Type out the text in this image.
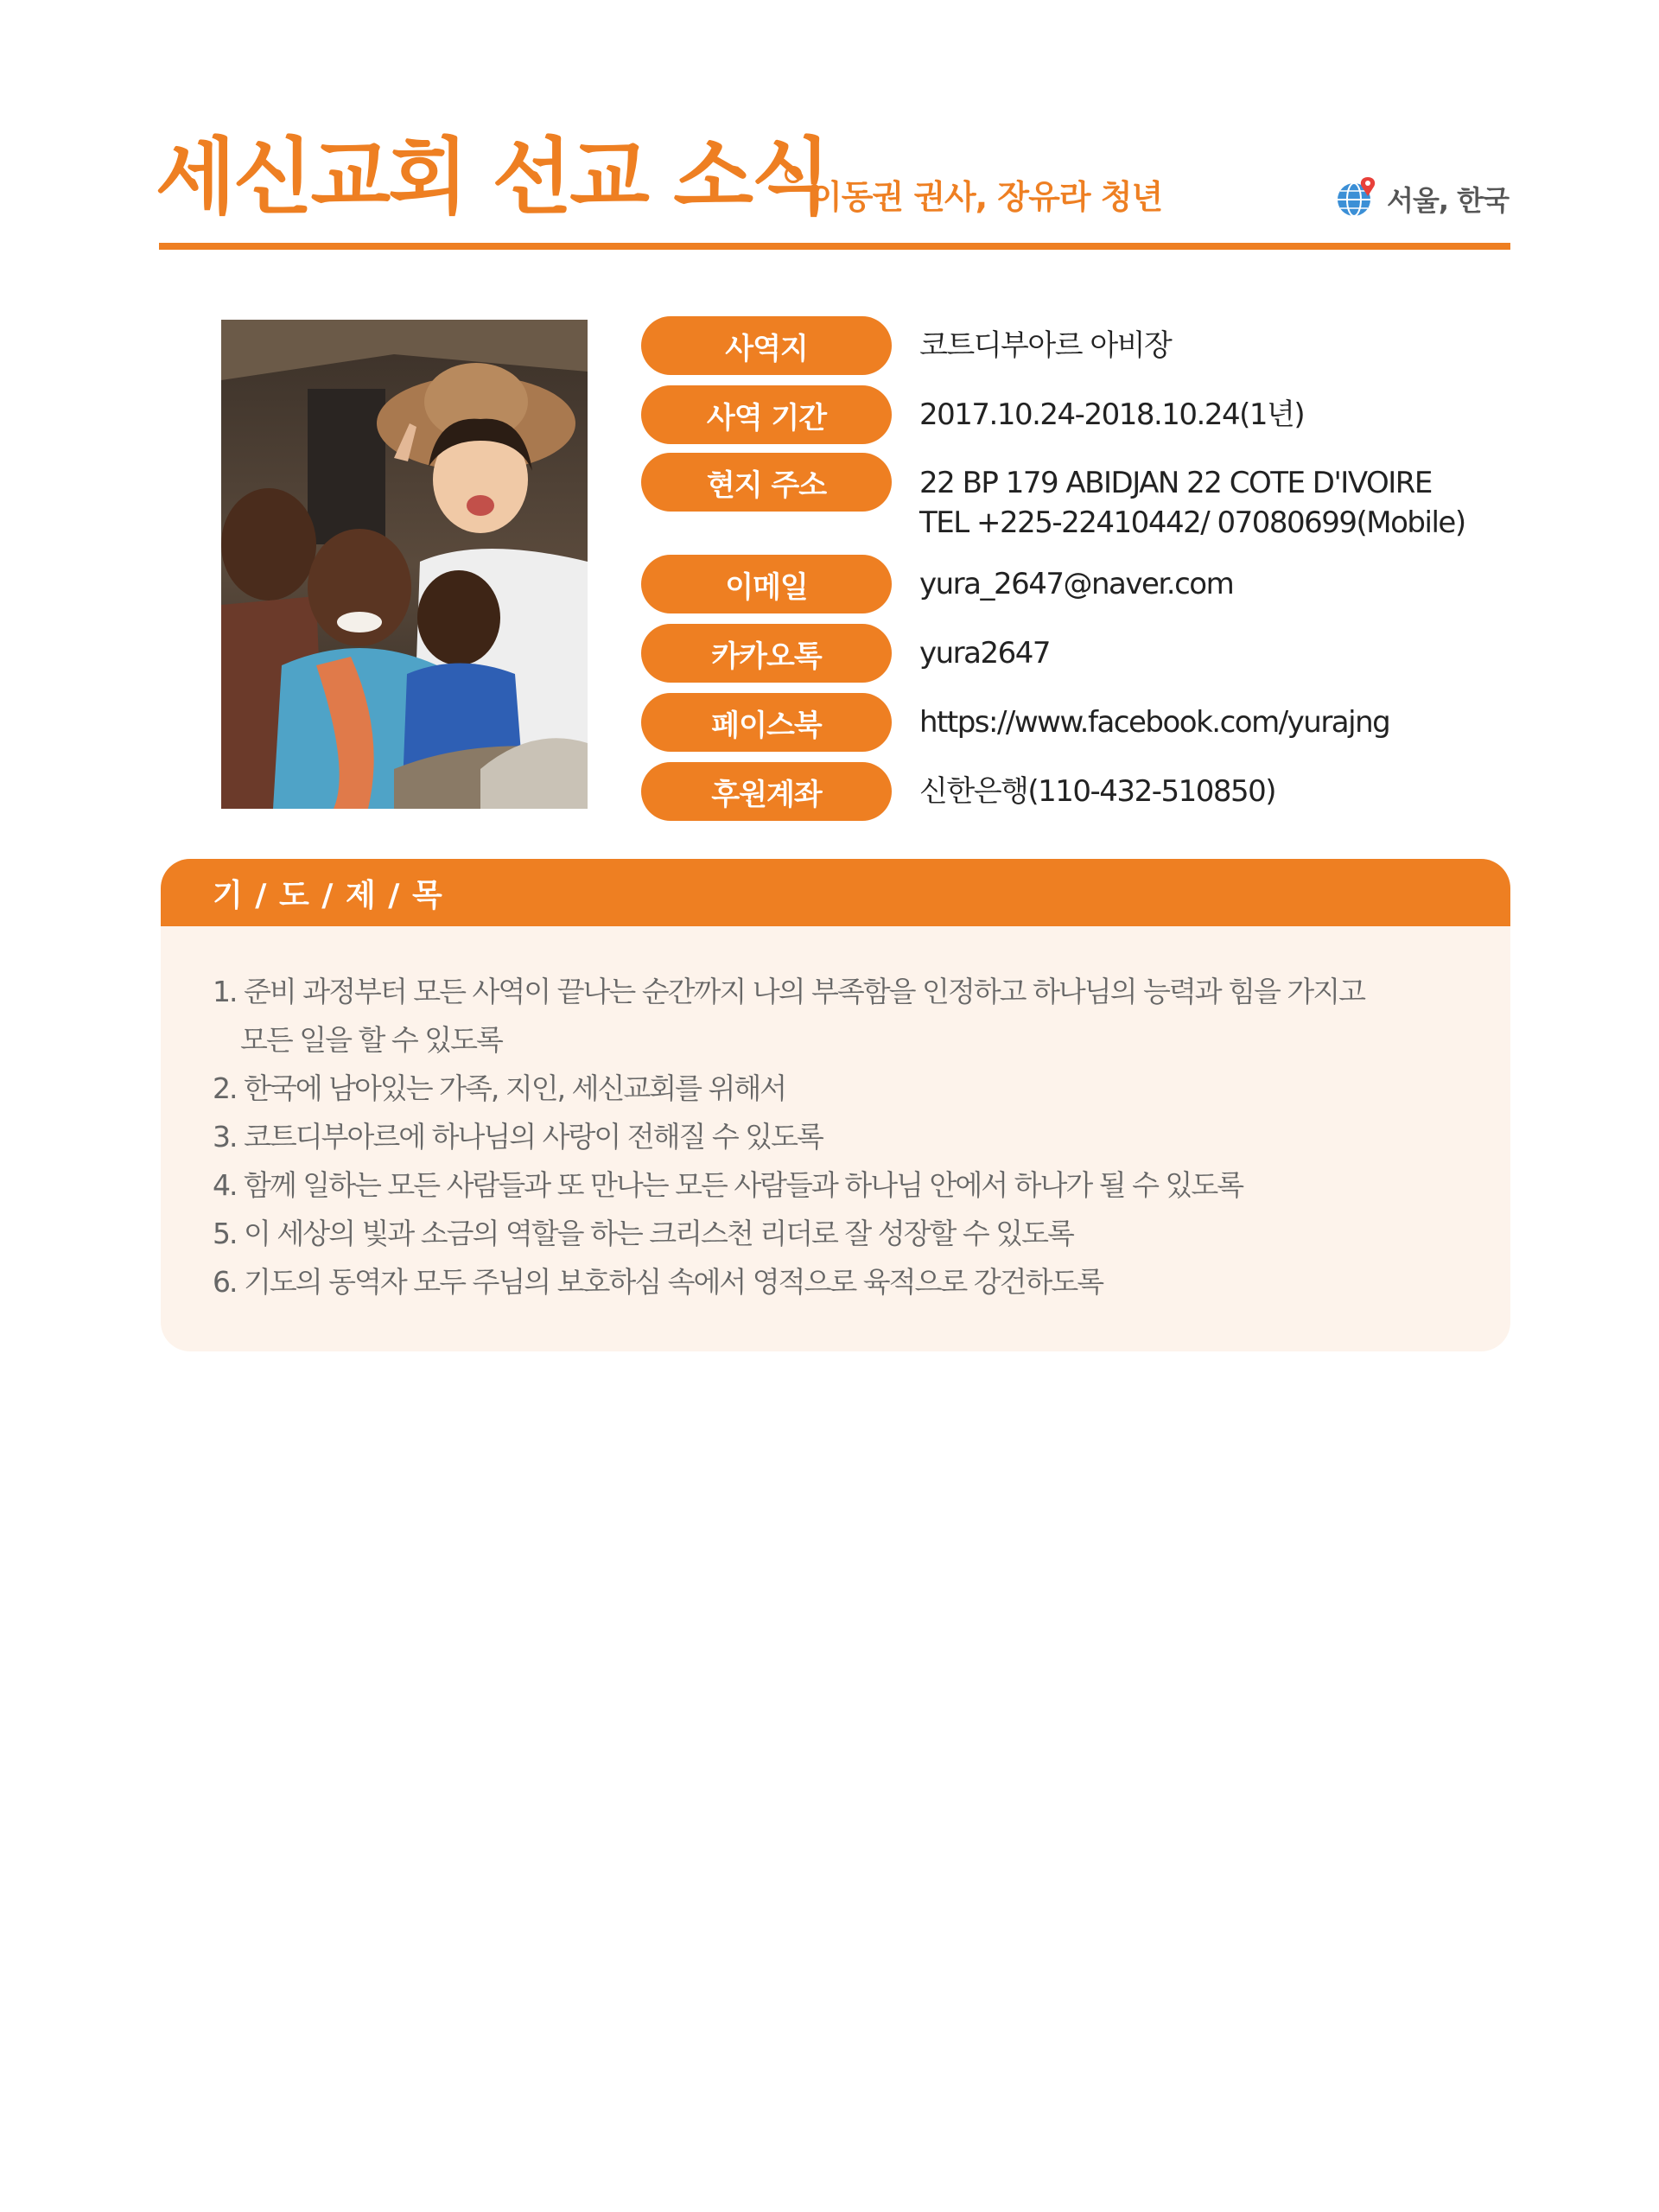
세신교회 선교 소식
이동권 권사, 장유라 청년	서울, 한국
사역지	코트디부아르 아비장
사역 기간	2017.10.24-2018.10.24(1년)
현지 주소	22 BP 179 ABIDJAN 22 COTE D'IVOIRE
TEL +225-22410442/ 07080699(Mobile)
이메일	yura_2647@naver.com
카카오톡	yura2647
페이스북	https://www.facebook.com/yurajng
후원계좌	신한은행(110-432-510850)
기 / 도 / 제 / 목
1. 준비 과정부터 모든 사역이 끝나는 순간까지 나의 부족함을 인정하고 하나님의 능력과 힘을 가지고
모든 일을 할 수 있도록
2. 한국에 남아있는 가족, 지인, 세신교회를 위해서
3. 코트디부아르에 하나님의 사랑이 전해질 수 있도록
4. 함께 일하는 모든 사람들과 또 만나는 모든 사람들과 하나님 안에서 하나가 될 수 있도록
5. 이 세상의 빛과 소금의 역할을 하는 크리스천 리더로 잘 성장할 수 있도록
6. 기도의 동역자 모두 주님의 보호하심 속에서 영적으로 육적으로 강건하도록
